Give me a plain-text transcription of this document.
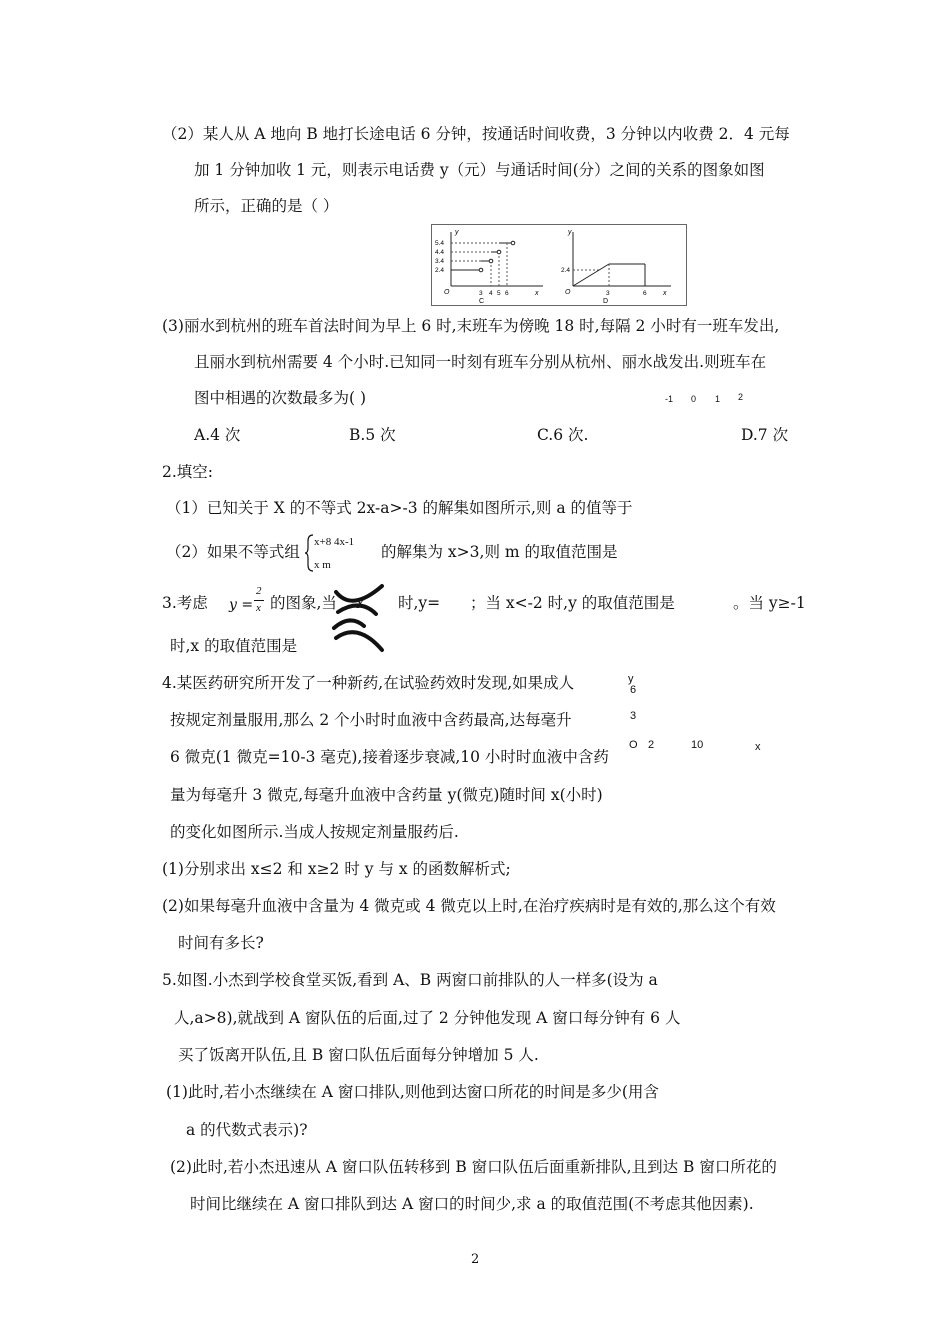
（2）某人从 A 地向 B 地打长途电话 6 分钟，按通话时间收费，3 分钟以内收费 2．4 元每
加 1 分钟加收 1 元，则表示电话费 y（元）与通话时间(分）之间的关系的图象如图
所示，正确的是（ ）
y
5.4
4.4
3.4
2.4
O	3 4 5 6	x
C
y
2.4
O	3	6 x
D
(3)丽水到杭州的班车首法时间为早上 6 时,末班车为傍晚 18 时,每隔 2 小时有一班车发出,
且丽水到杭州需要 4 个小时.已知同一时刻有班车分别从杭州、丽水战发出.则班车在
图中相遇的次数最多为( )	-1 0 1 2
A.4 次	B.5 次	C.6 次.	D.7 次
2.填空:
（1）已知关于 X 的不等式 2x-a>-3 的解集如图所示,则 a 的值等于
（2）如果不等式组
x+8 4x-1
x m
的解集为 x>3,则 m 的取值范围是
3.考虑 y =
2
x 的图象,当 x 时,y= ；当 x<-2 时,y 的取值范围是	。当 y≥-1
时,x 的取值范围是
4.某医药研究所开发了一种新药,在试验药效时发现,如果成人
按规定剂量服用,那么 2 个小时时血液中含药最高,达每毫升
6 微克(1 微克=10-3 毫克),接着逐步衰减,10 小时时血液中含药
量为每毫升 3 微克,每毫升血液中含药量 y(微克)随时间 x(小时)
的变化如图所示.当成人按规定剂量服药后.
y
6
3
O 2	10	x
(1)分别求出 x≤2 和 x≥2 时 y 与 x 的函数解析式;
(2)如果每毫升血液中含量为 4 微克或 4 微克以上时,在治疗疾病时是有效的,那么这个有效
时间有多长?
5.如图.小杰到学校食堂买饭,看到 A、B 两窗口前排队的人一样多(设为 a
人,a>8),就战到 A 窗队伍的后面,过了 2 分钟他发现 A 窗口每分钟有 6 人
买了饭离开队伍,且 B 窗口队伍后面每分钟增加 5 人.
(1)此时,若小杰继续在 A 窗口排队,则他到达窗口所花的时间是多少(用含
a 的代数式表示)?
(2)此时,若小杰迅速从 A 窗口队伍转移到 B 窗口队伍后面重新排队,且到达 B 窗口所花的
时间比继续在 A 窗口排队到达 A 窗口的时间少,求 a 的取值范围(不考虑其他因素).
2
